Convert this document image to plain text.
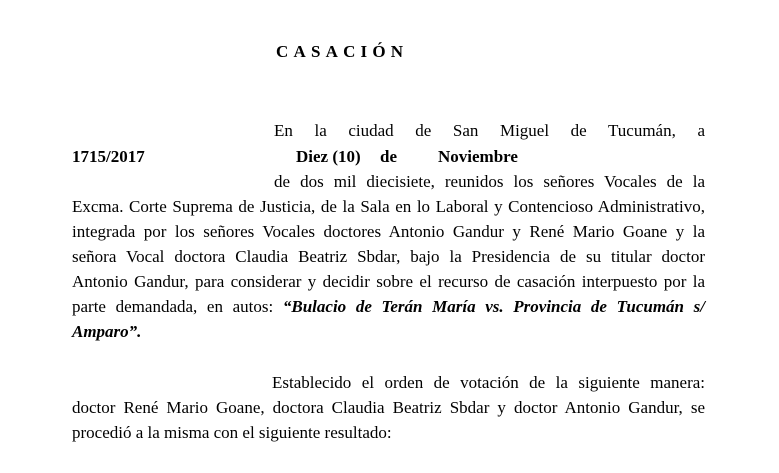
CASACIÓN
En la ciudad de San Miguel de Tucumán, a
1715/2017	Diez (10) de Noviembre
de dos mil diecisiete, reunidos los señores Vocales de la
Excma. Corte Suprema de Justicia, de la Sala en lo Laboral y Contencioso Administrativo,
integrada por los señores Vocales doctores Antonio Gandur y René Mario Goane y la
señora Vocal doctora Claudia Beatriz Sbdar, bajo la Presidencia de su titular doctor
Antonio Gandur, para considerar y decidir sobre el recurso de casación interpuesto por la
parte demandada, en autos: “Bulacio de Terán María vs. Provincia de Tucumán s/
Amparo”.
Establecido el orden de votación de la siguiente manera:
doctor René Mario Goane, doctora Claudia Beatriz Sbdar y doctor Antonio Gandur, se
procedió a la misma con el siguiente resultado:
